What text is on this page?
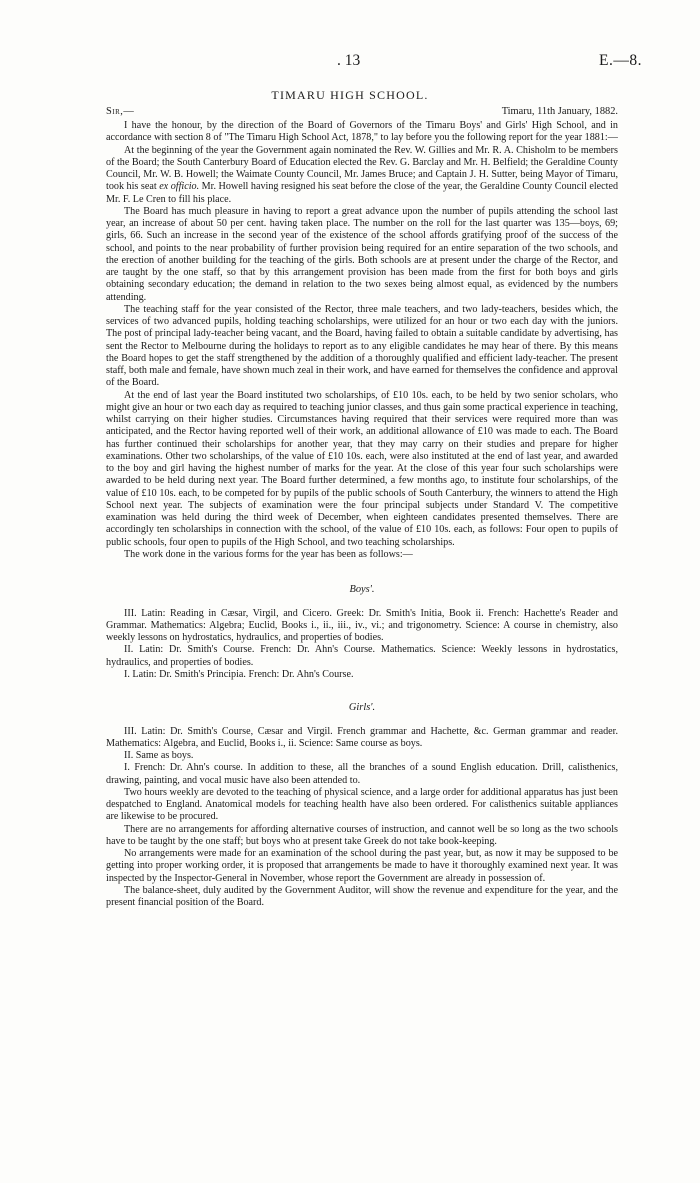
. 13	E.—8.
TIMARU HIGH SCHOOL.
Sir,—	Timaru, 11th January, 1882.

I have the honour, by the direction of the Board of Governors of the Timaru Boys' and Girls' High School, and in accordance with section 8 of "The Timaru High School Act, 1878," to lay before you the following report for the year 1881:—

At the beginning of the year the Government again nominated the Rev. W. Gillies and Mr. R. A. Chisholm to be members of the Board; the South Canterbury Board of Education elected the Rev. G. Barclay and Mr. H. Belfield; the Geraldine County Council, Mr. W. B. Howell; the Waimate County Council, Mr. James Bruce; and Captain J. H. Sutter, being Mayor of Timaru, took his seat ex officio. Mr. Howell having resigned his seat before the close of the year, the Geraldine County Council elected Mr. F. Le Cren to fill his place.

The Board has much pleasure in having to report a great advance upon the number of pupils attending the school last year, an increase of about 50 per cent. having taken place. The number on the roll for the last quarter was 135—boys, 69; girls, 66. Such an increase in the second year of the existence of the school affords gratifying proof of the success of the school, and points to the near probability of further provision being required for an entire separation of the two schools, and the erection of another building for the teaching of the girls. Both schools are at present under the charge of the Rector, and are taught by the one staff, so that by this arrangement provision has been made from the first for both boys and girls obtaining secondary education; the demand in relation to the two sexes being almost equal, as evidenced by the numbers attending.

The teaching staff for the year consisted of the Rector, three male teachers, and two lady-teachers, besides which, the services of two advanced pupils, holding teaching scholarships, were utilized for an hour or two each day with the juniors. The post of principal lady-teacher being vacant, and the Board, having failed to obtain a suitable candidate by advertising, has sent the Rector to Melbourne during the holidays to report as to any eligible candidates he may hear of there. By this means the Board hopes to get the staff strengthened by the addition of a thoroughly qualified and efficient lady-teacher. The present staff, both male and female, have shown much zeal in their work, and have earned for themselves the confidence and approval of the Board.

At the end of last year the Board instituted two scholarships, of £10 10s. each, to be held by two senior scholars, who might give an hour or two each day as required to teaching junior classes, and thus gain some practical experience in teaching, whilst carrying on their higher studies. Circumstances having required that their services were required more than was anticipated, and the Rector having reported well of their work, an additional allowance of £10 was made to each. The Board has further continued their scholarships for another year, that they may carry on their studies and prepare for higher examinations. Other two scholarships, of the value of £10 10s. each, were also instituted at the end of last year, and awarded to the boy and girl having the highest number of marks for the year. At the close of this year four such scholarships were awarded to be held during next year. The Board further determined, a few months ago, to institute four scholarships, of the value of £10 10s. each, to be competed for by pupils of the public schools of South Canterbury, the winners to attend the High School next year. The subjects of examination were the four principal subjects under Standard V. The competitive examination was held during the third week of December, when eighteen candidates presented themselves. There are accordingly ten scholarships in connection with the school, of the value of £10 10s. each, as follows: Four open to pupils of public schools, four open to pupils of the High School, and two teaching scholarships.

The work done in the various forms for the year has been as follows:—

Boys'.

III. Latin: Reading in Cæsar, Virgil, and Cicero. Greek: Dr. Smith's Initia, Book ii. French: Hachette's Reader and Grammar. Mathematics: Algebra; Euclid, Books i., ii., iii., iv., vi.; and trigonometry. Science: A course in chemistry, also weekly lessons on hydrostatics, hydraulics, and properties of bodies.

II. Latin: Dr. Smith's Course. French: Dr. Ahn's Course. Mathematics. Science: Weekly lessons in hydrostatics, hydraulics, and properties of bodies.

I. Latin: Dr. Smith's Principia. French: Dr. Ahn's Course.

Girls'.

III. Latin: Dr. Smith's Course, Cæsar and Virgil. French grammar and Hachette, &c. German grammar and reader. Mathematics: Algebra, and Euclid, Books i., ii. Science: Same course as boys.

II. Same as boys.

I. French: Dr. Ahn's course. In addition to these, all the branches of a sound English education. Drill, calisthenics, drawing, painting, and vocal music have also been attended to.

Two hours weekly are devoted to the teaching of physical science, and a large order for additional apparatus has just been despatched to England. Anatomical models for teaching health have also been ordered. For calisthenics suitable appliances are likewise to be procured.

There are no arrangements for affording alternative courses of instruction, and cannot well be so long as the two schools have to be taught by the one staff; but boys who at present take Greek do not take book-keeping.

No arrangements were made for an examination of the school during the past year, but, as now it may be supposed to be getting into proper working order, it is proposed that arrangements be made to have it thoroughly examined next year. It was inspected by the Inspector-General in November, whose report the Government are already in possession of.

The balance-sheet, duly audited by the Government Auditor, will show the revenue and expenditure for the year, and the present financial position of the Board.
